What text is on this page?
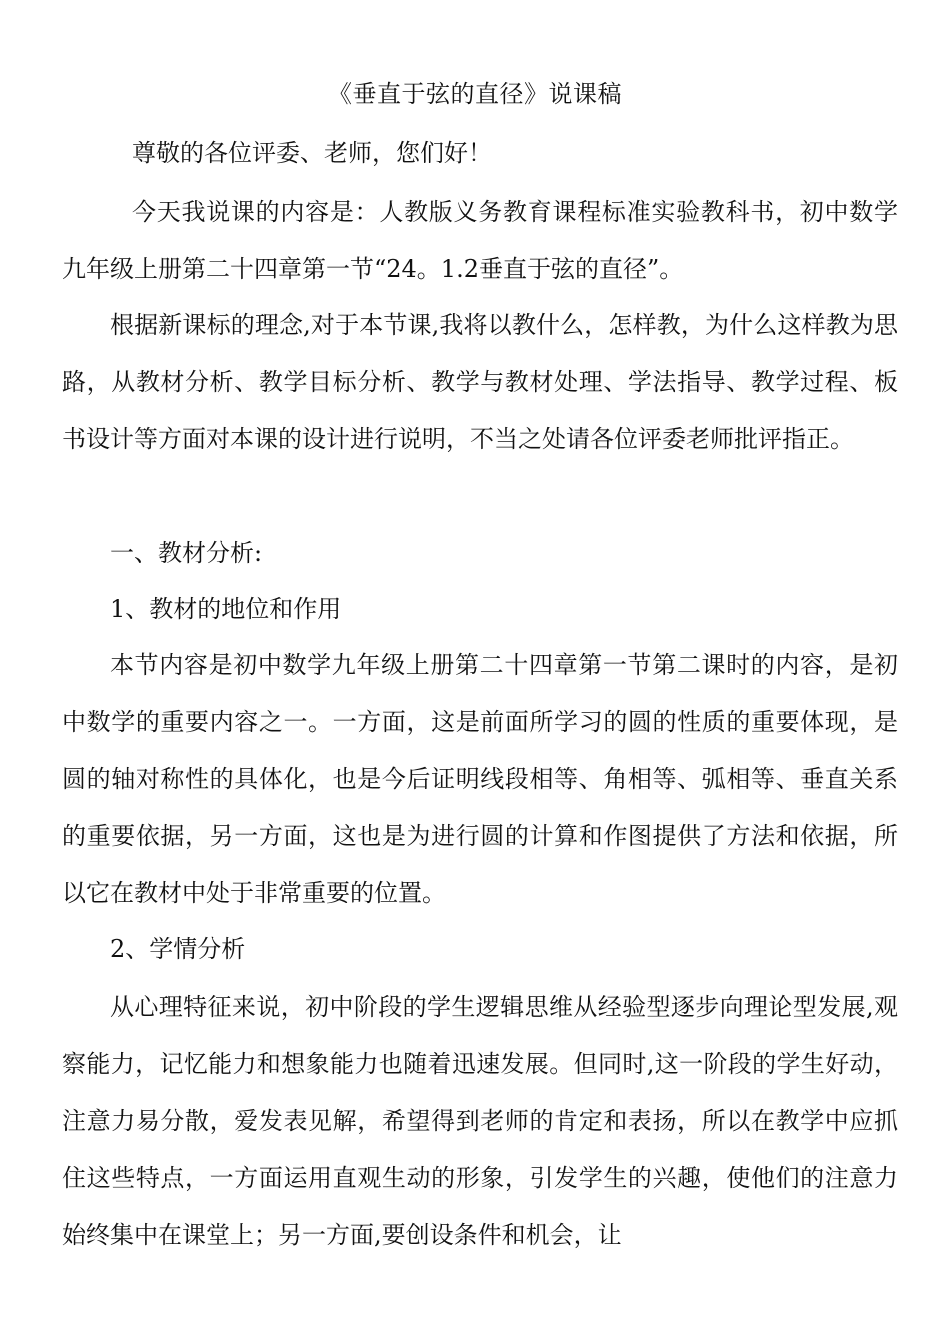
《垂直于弦的直径》说课稿

尊敬的各位评委、老师，您们好！

今天我说课的内容是：人教版义务教育课程标准实验教科书，初中数学九年级上册第二十四章第一节“24。1.2垂直于弦的直径”。

根据新课标的理念,对于本节课,我将以教什么，怎样教，为什么这样教为思路，从教材分析、教学目标分析、教学与教材处理、学法指导、教学过程、板书设计等方面对本课的设计进行说明，不当之处请各位评委老师批评指正。

一、教材分析:

1、教材的地位和作用

本节内容是初中数学九年级上册第二十四章第一节第二课时的内容，是初中数学的重要内容之一。一方面，这是前面所学习的圆的性质的重要体现，是圆的轴对称性的具体化，也是今后证明线段相等、角相等、弧相等、垂直关系的重要依据，另一方面，这也是为进行圆的计算和作图提供了方法和依据，所以它在教材中处于非常重要的位置。

2、学情分析

从心理特征来说，初中阶段的学生逻辑思维从经验型逐步向理论型发展,观察能力，记忆能力和想象能力也随着迅速发展。但同时,这一阶段的学生好动，注意力易分散，爱发表见解，希望得到老师的肯定和表扬，所以在教学中应抓住这些特点，一方面运用直观生动的形象，引发学生的兴趣，使他们的注意力始终集中在课堂上；另一方面,要创设条件和机会，让
